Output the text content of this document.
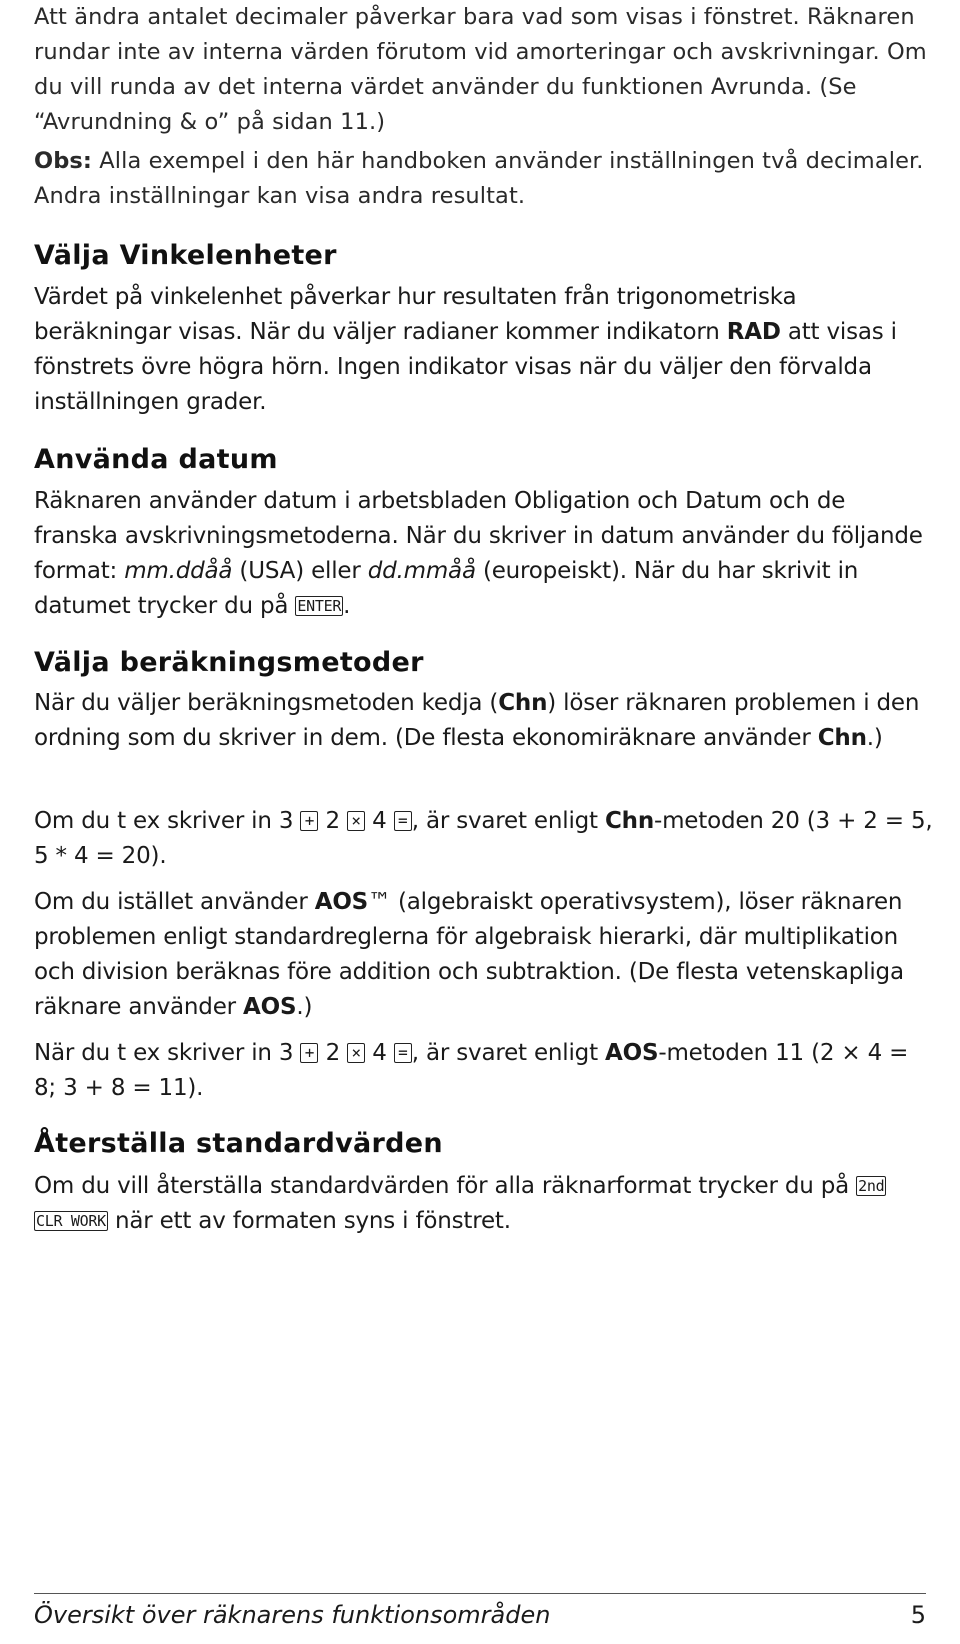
Att ändra antalet decimaler påverkar bara vad som visas i fönstret. Räknaren rundar inte av interna värden förutom vid amorteringar och avskrivningar. Om du vill runda av det interna värdet använder du funktionen Avrunda. (Se “Avrundning & o” på sidan 11.)

Obs: Alla exempel i den här handboken använder inställningen två decimaler. Andra inställningar kan visa andra resultat.

Välja Vinkelenheter

Värdet på vinkelenhet påverkar hur resultaten från trigonometriska beräkningar visas. När du väljer radianer kommer indikatorn RAD att visas i fönstrets övre högra hörn. Ingen indikator visas när du väljer den förvalda inställningen grader.

Använda datum

Räknaren använder datum i arbetsbladen Obligation och Datum och de franska avskrivningsmetoderna. När du skriver in datum använder du följande format: mm.ddåå (USA) eller dd.mmåå (europeiskt). När du har skrivit in datumet trycker du på ENTER.

Välja beräkningsmetoder

När du väljer beräkningsmetoden kedja (Chn) löser räknaren problemen i den ordning som du skriver in dem. (De flesta ekonomiräknare använder Chn.)

Om du t ex skriver in 3 + 2 × 4 = , är svaret enligt Chn-metoden 20 (3 + 2 = 5, 5 * 4 = 20).

Om du istället använder AOS™ (algebraiskt operativsystem), löser räknaren problemen enligt standardreglerna för algebraisk hierarki, där multiplikation och division beräknas före addition och subtraktion. (De flesta vetenskapliga räknare använder AOS.)

När du t ex skriver in 3 + 2 × 4 = , är svaret enligt AOS-metoden 11 (2 × 4 = 8; 3 + 8 = 11).

Återställa standardvärden

Om du vill återställa standardvärden för alla räknarformat trycker du på 2nd CLR WORK när ett av formaten syns i fönstret.

Översikt över räknarens funktionsområden	5
